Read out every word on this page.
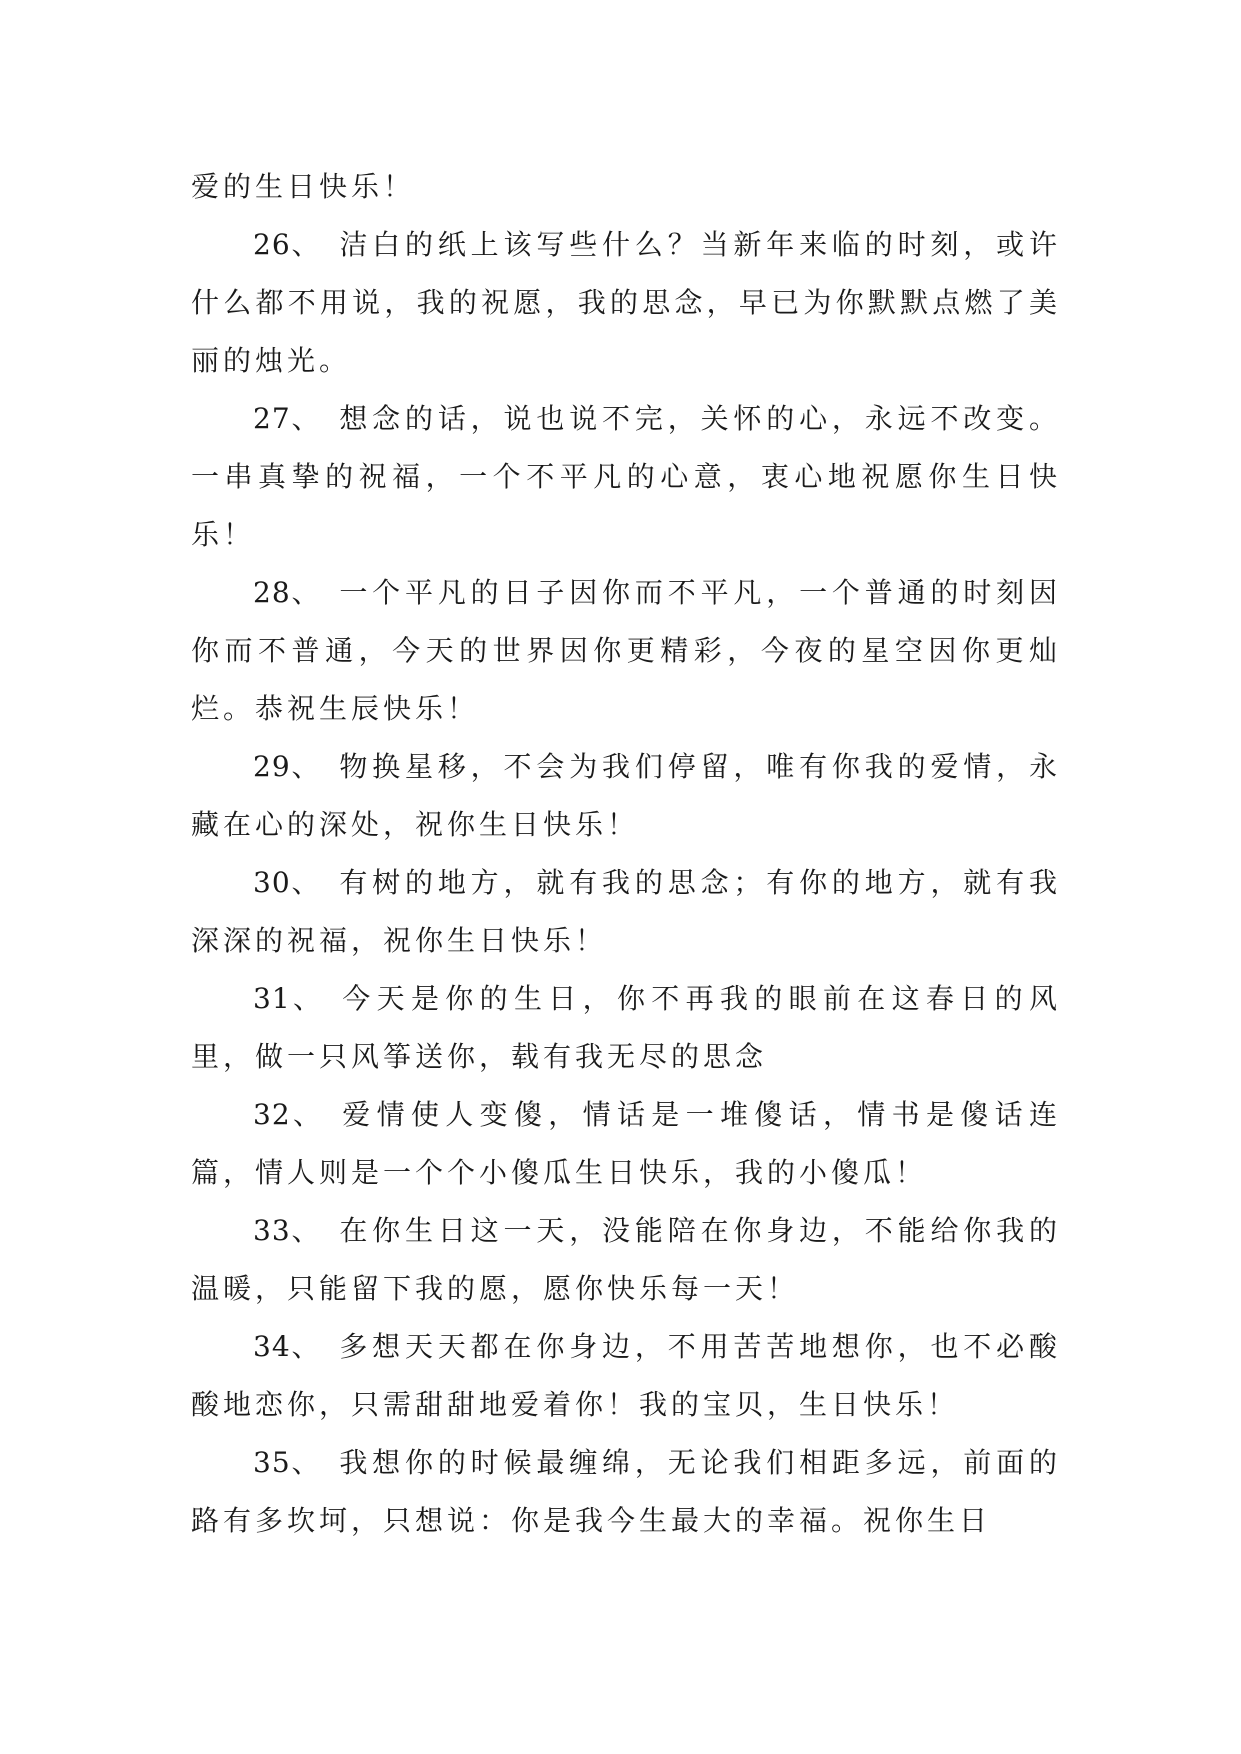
爱的生日快乐！

26、 洁白的纸上该写些什么？当新年来临的时刻，或许什么都不用说，我的祝愿，我的思念，早已为你默默点燃了美丽的烛光。

27、 想念的话，说也说不完，关怀的心，永远不改变。一串真挚的祝福，一个不平凡的心意，衷心地祝愿你生日快乐！

28、 一个平凡的日子因你而不平凡，一个普通的时刻因你而不普通，今天的世界因你更精彩，今夜的星空因你更灿烂。恭祝生辰快乐！

29、 物换星移，不会为我们停留，唯有你我的爱情，永藏在心的深处，祝你生日快乐！

30、 有树的地方，就有我的思念；有你的地方，就有我深深的祝福，祝你生日快乐！

31、 今天是你的生日，你不再我的眼前在这春日的风里，做一只风筝送你，载有我无尽的思念

32、 爱情使人变傻，情话是一堆傻话，情书是傻话连篇，情人则是一个个小傻瓜生日快乐，我的小傻瓜！

33、 在你生日这一天，没能陪在你身边，不能给你我的温暖，只能留下我的愿，愿你快乐每一天！

34、 多想天天都在你身边，不用苦苦地想你，也不必酸酸地恋你，只需甜甜地爱着你！我的宝贝，生日快乐！

35、 我想你的时候最缠绵，无论我们相距多远，前面的路有多坎坷，只想说：你是我今生最大的幸福。祝你生日
